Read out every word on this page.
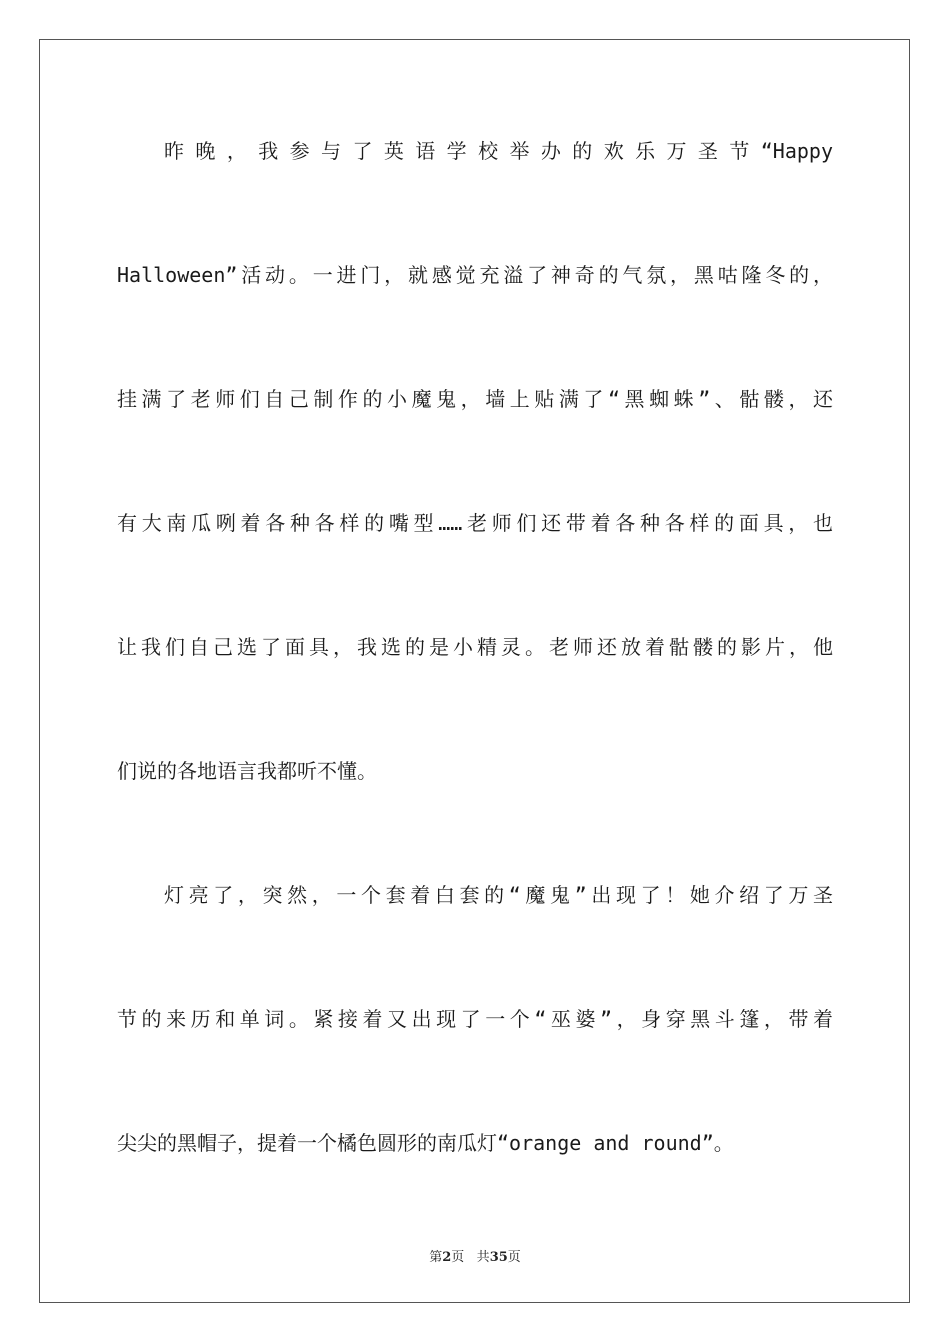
昨晚，我参与了英语学校举办的欢乐万圣节“Happy
Halloween”活动。一进门，就感觉充溢了神奇的气氛，黑咕隆冬的，
挂满了老师们自己制作的小魔鬼，墙上贴满了“黑蜘蛛”、骷髅，还
有大南瓜咧着各种各样的嘴型……老师们还带着各种各样的面具，也
让我们自己选了面具，我选的是小精灵。老师还放着骷髅的影片，他
们说的各地语言我都听不懂。
灯亮了，突然，一个套着白套的“魔鬼”出现了！她介绍了万圣
节的来历和单词。紧接着又出现了一个“巫婆”，身穿黑斗篷，带着
尖尖的黑帽子，提着一个橘色圆形的南瓜灯“orange and round”。
第2页 共35页
